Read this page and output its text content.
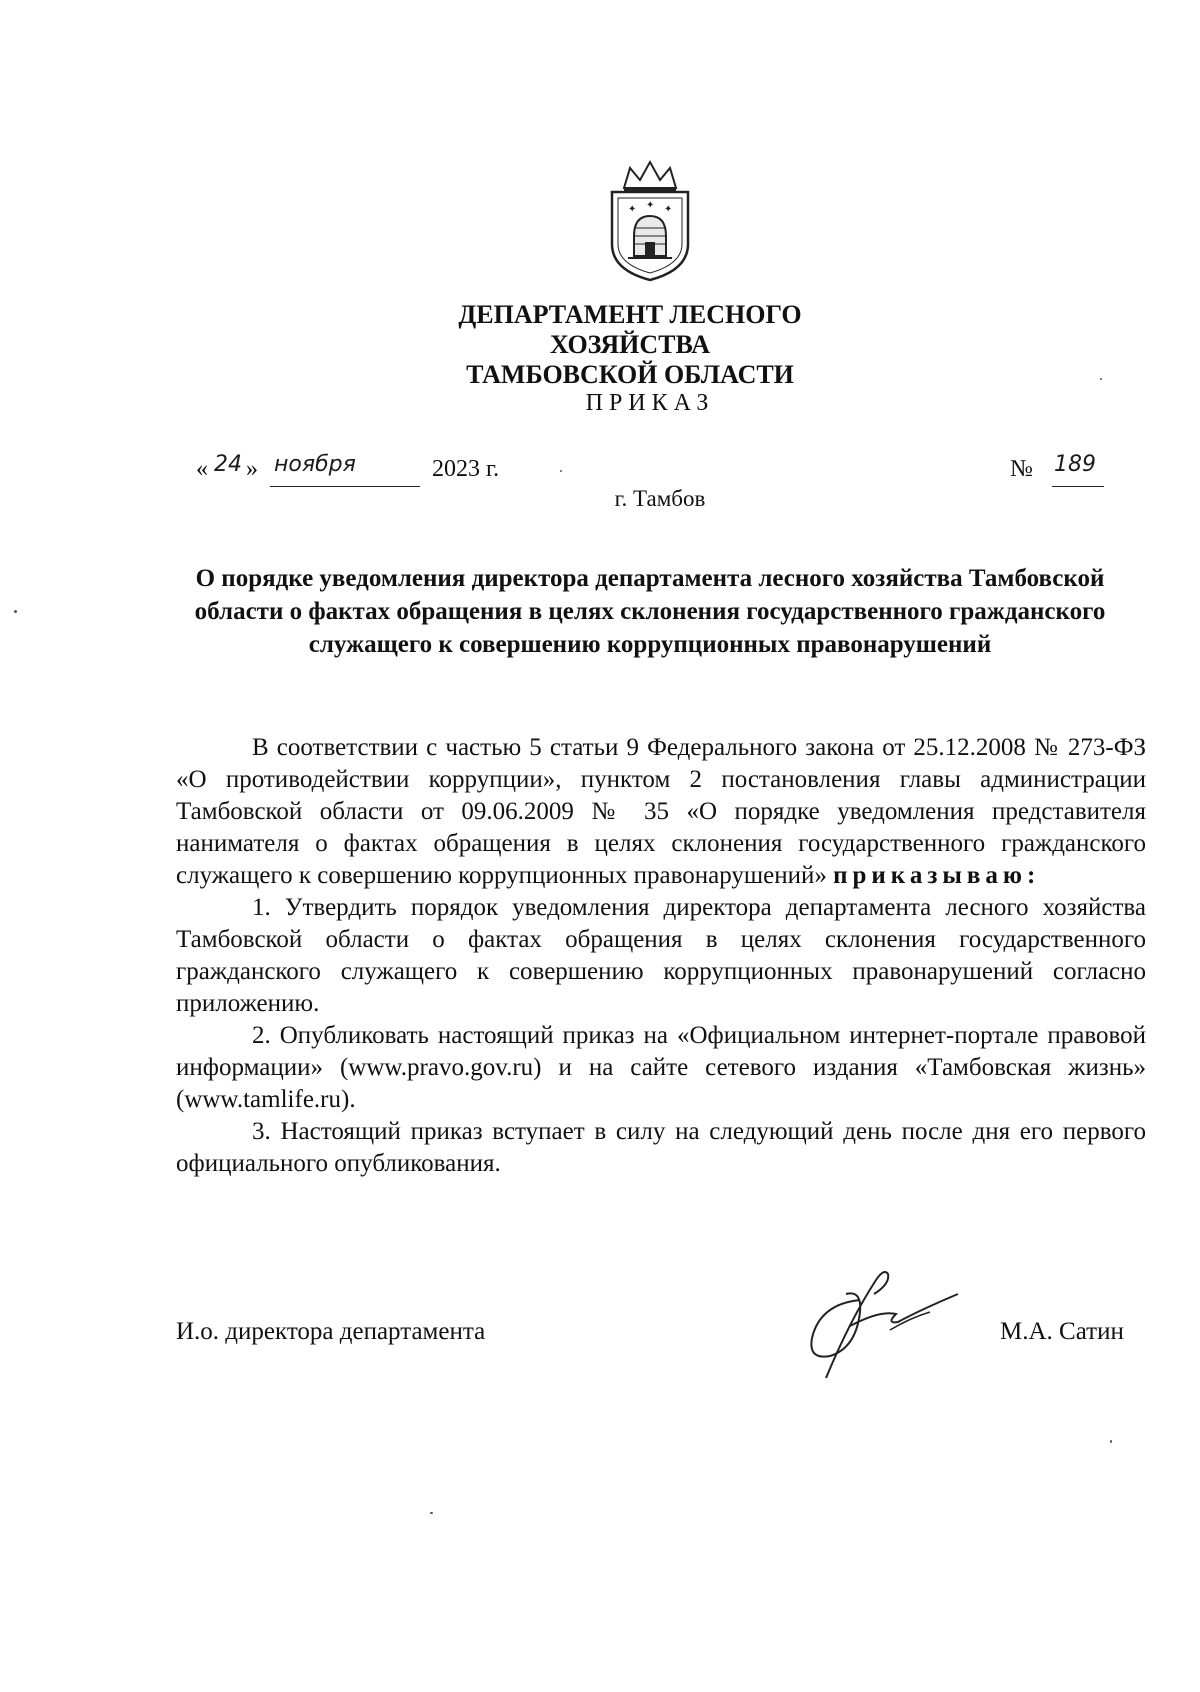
✦ ✦ ✦
ДЕПАРТАМЕНТ ЛЕСНОГО ХОЗЯЙСТВА
ТАМБОВСКОЙ ОБЛАСТИ
ПРИКАЗ
« 24 » ноября	2023 г.	№ 189
г. Тамбов
О порядке уведомления директора департамента лесного хозяйства Тамбовской области о фактах обращения в целях склонения государственного гражданского служащего к совершению коррупционных правонарушений

В соответствии с частью 5 статьи 9 Федерального закона от 25.12.2008 № 273-ФЗ «О противодействии коррупции», пунктом 2 постановления главы администрации Тамбовской области от 09.06.2009 № 35 «О порядке уведомления представителя нанимателя о фактах обращения в целях склонения государственного гражданского служащего к совершению коррупционных правонарушений» приказываю:

1. Утвердить порядок уведомления директора департамента лесного хозяйства Тамбовской области о фактах обращения в целях склонения государственного гражданского служащего к совершению коррупционных правонарушений согласно приложению.

2. Опубликовать настоящий приказ на «Официальном интернет-портале правовой информации» (www.pravo.gov.ru) и на сайте сетевого издания «Тамбовская жизнь» (www.tamlife.ru).

3. Настоящий приказ вступает в силу на следующий день после дня его первого официального опубликования.

И.о. директора департамента	М.А. Сатин
